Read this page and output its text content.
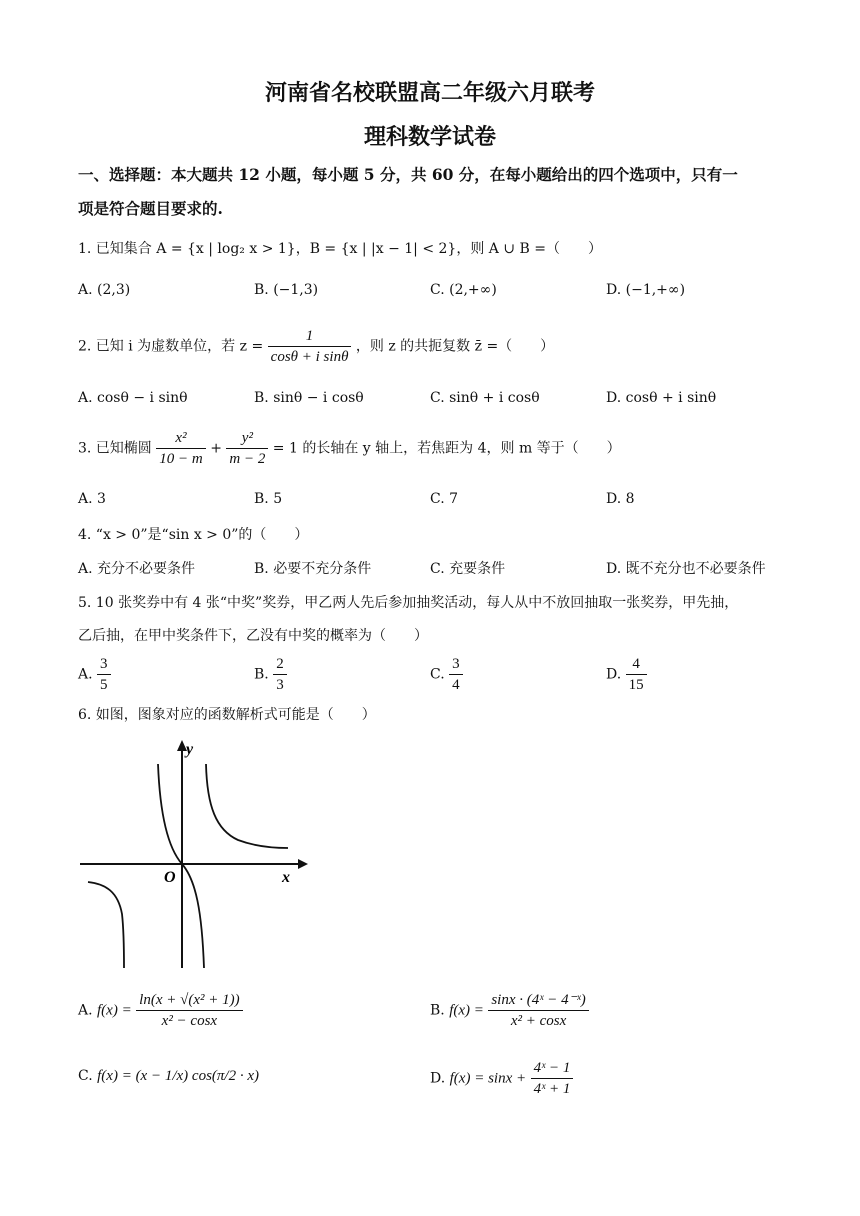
河南省名校联盟高二年级六月联考
理科数学试卷
一、选择题：本大题共 12 小题，每小题 5 分，共 60 分，在每小题给出的四个选项中，只有一
项是符合题目要求的.
1. 已知集合 A = {x | log₂ x > 1}，B = {x | |x − 1| < 2}，则 A ∪ B =（　　）
A. (2,3)	B. (−1,3)	C. (2,+∞)	D. (−1,+∞)
2. 已知 i 为虚数单位，若 $z = \frac{1}{\text{cosθ + i sinθ}}$ ，则 z 的共扼复数 z̄ =（　　）
A. cosθ − i sinθ	B. sinθ − i cosθ	C. sinθ + i cosθ	D. cosθ + i sinθ
3. 已知椭圆 $\frac{\text{x²}}{10 - m} + \frac{\text{y²}}{m - 2} = 1$ 的长轴在 y 轴上，若焦距为 4，则 m 等于（　　）
A. 3	B. 5	C. 7	D. 8
4. “x > 0”是“sin x > 0”的（　　）
A. 充分不必要条件	B. 必要不充分条件	C. 充要条件	D. 既不充分也不必要条件
5. 10 张奖券中有 4 张“中奖”奖券，甲乙两人先后参加抽奖活动，每人从中不放回抽取一张奖券，甲先抽，
乙后抽，在甲中奖条件下，乙没有中奖的概率为（　　）
A. $\frac{3}{5}$	B. $\frac{2}{3}$	C. $\frac{3}{4}$	D. $\frac{4}{15}$
6. 如图，图象对应的函数解析式可能是（　　）
x
y
O
A. $f(x) = \frac{\text{ln(x + √(x² + 1))}}{\text{x² − cosx}}$	B. $f(x) = \frac{\text{sinx · (4ˣ − 4⁻ˣ)}}{\text{x² + cosx}}$
C. f(x) = (x − 1/x) cos(π/2 · x)	D. $f(x) = \sin x + \frac{\text{4ˣ − 1}}{\text{4ˣ + 1}}$
